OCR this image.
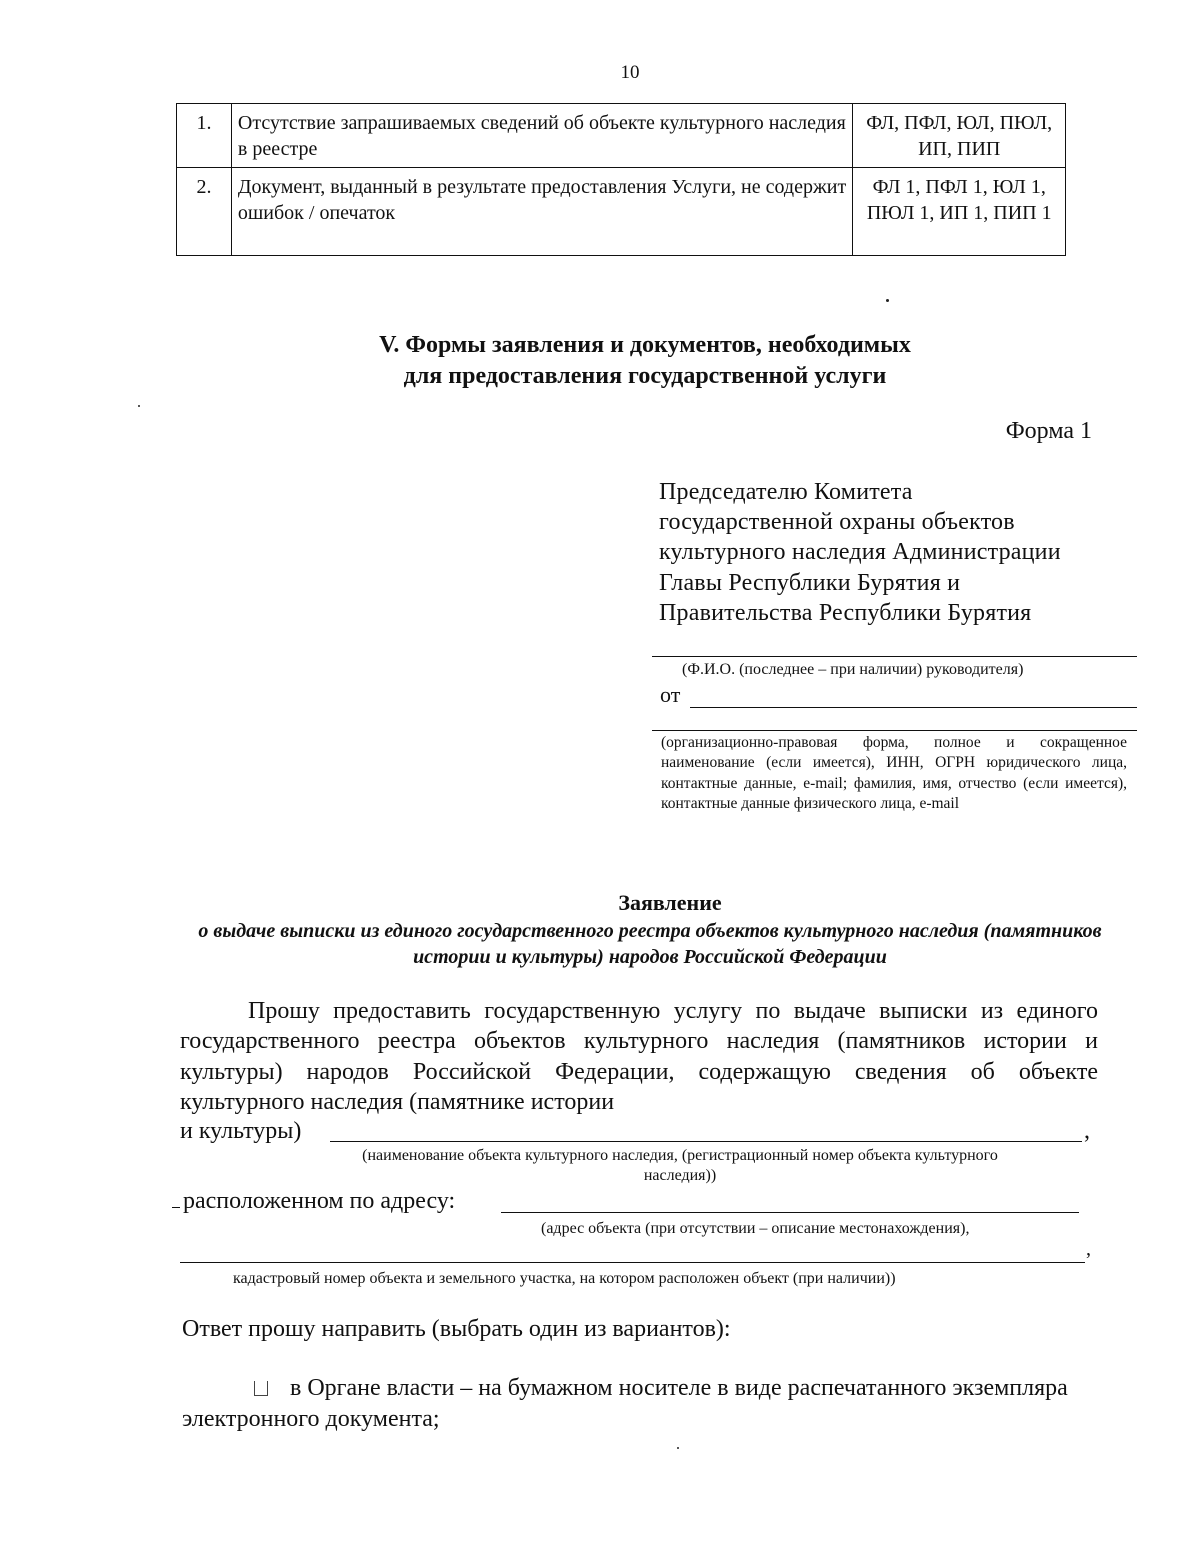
10
1.	Отсутствие запрашиваемых сведений об объекте культурного наследия в реестре	ФЛ, ПФЛ, ЮЛ, ПЮЛ, ИП, ПИП
2.	Документ, выданный в результате предоставления Услуги, не содержит ошибок / опечаток	ФЛ 1, ПФЛ 1, ЮЛ 1, ПЮЛ 1, ИП 1, ПИП 1
V. Формы заявления и документов, необходимых
для предоставления государственной услуги
Форма 1
Председателю Комитета
государственной охраны объектов
культурного наследия Администрации
Главы Республики Бурятия и
Правительства Республики Бурятия
(Ф.И.О. (последнее – при наличии) руководителя)
от
(организационно-правовая форма, полное и сокращенное наименование (если имеется), ИНН, ОГРН юридического лица, контактные данные, e-mail; фамилия, имя, отчество (если имеется), контактные данные физического лица, e-mail
Заявление
о выдаче выписки из единого государственного реестра объектов культурного наследия (памятников истории и культуры) народов Российской Федерации
Прошу предоставить государственную услугу по выдаче выписки из единого государственного реестра объектов культурного наследия (памятников истории и культуры) народов Российской Федерации, содержащую сведения об объекте культурного наследия (памятнике истории
и культуры)	,
(наименование объекта культурного наследия, (регистрационный номер объекта культурного
наследия))
расположенном по адресу:
(адрес объекта (при отсутствии – описание местонахождения),
,
кадастровый номер объекта и земельного участка, на котором расположен объект (при наличии))
Ответ прошу направить (выбрать один из вариантов):
в Органе власти – на бумажном носителе в виде распечатанного экземпляра электронного документа;
